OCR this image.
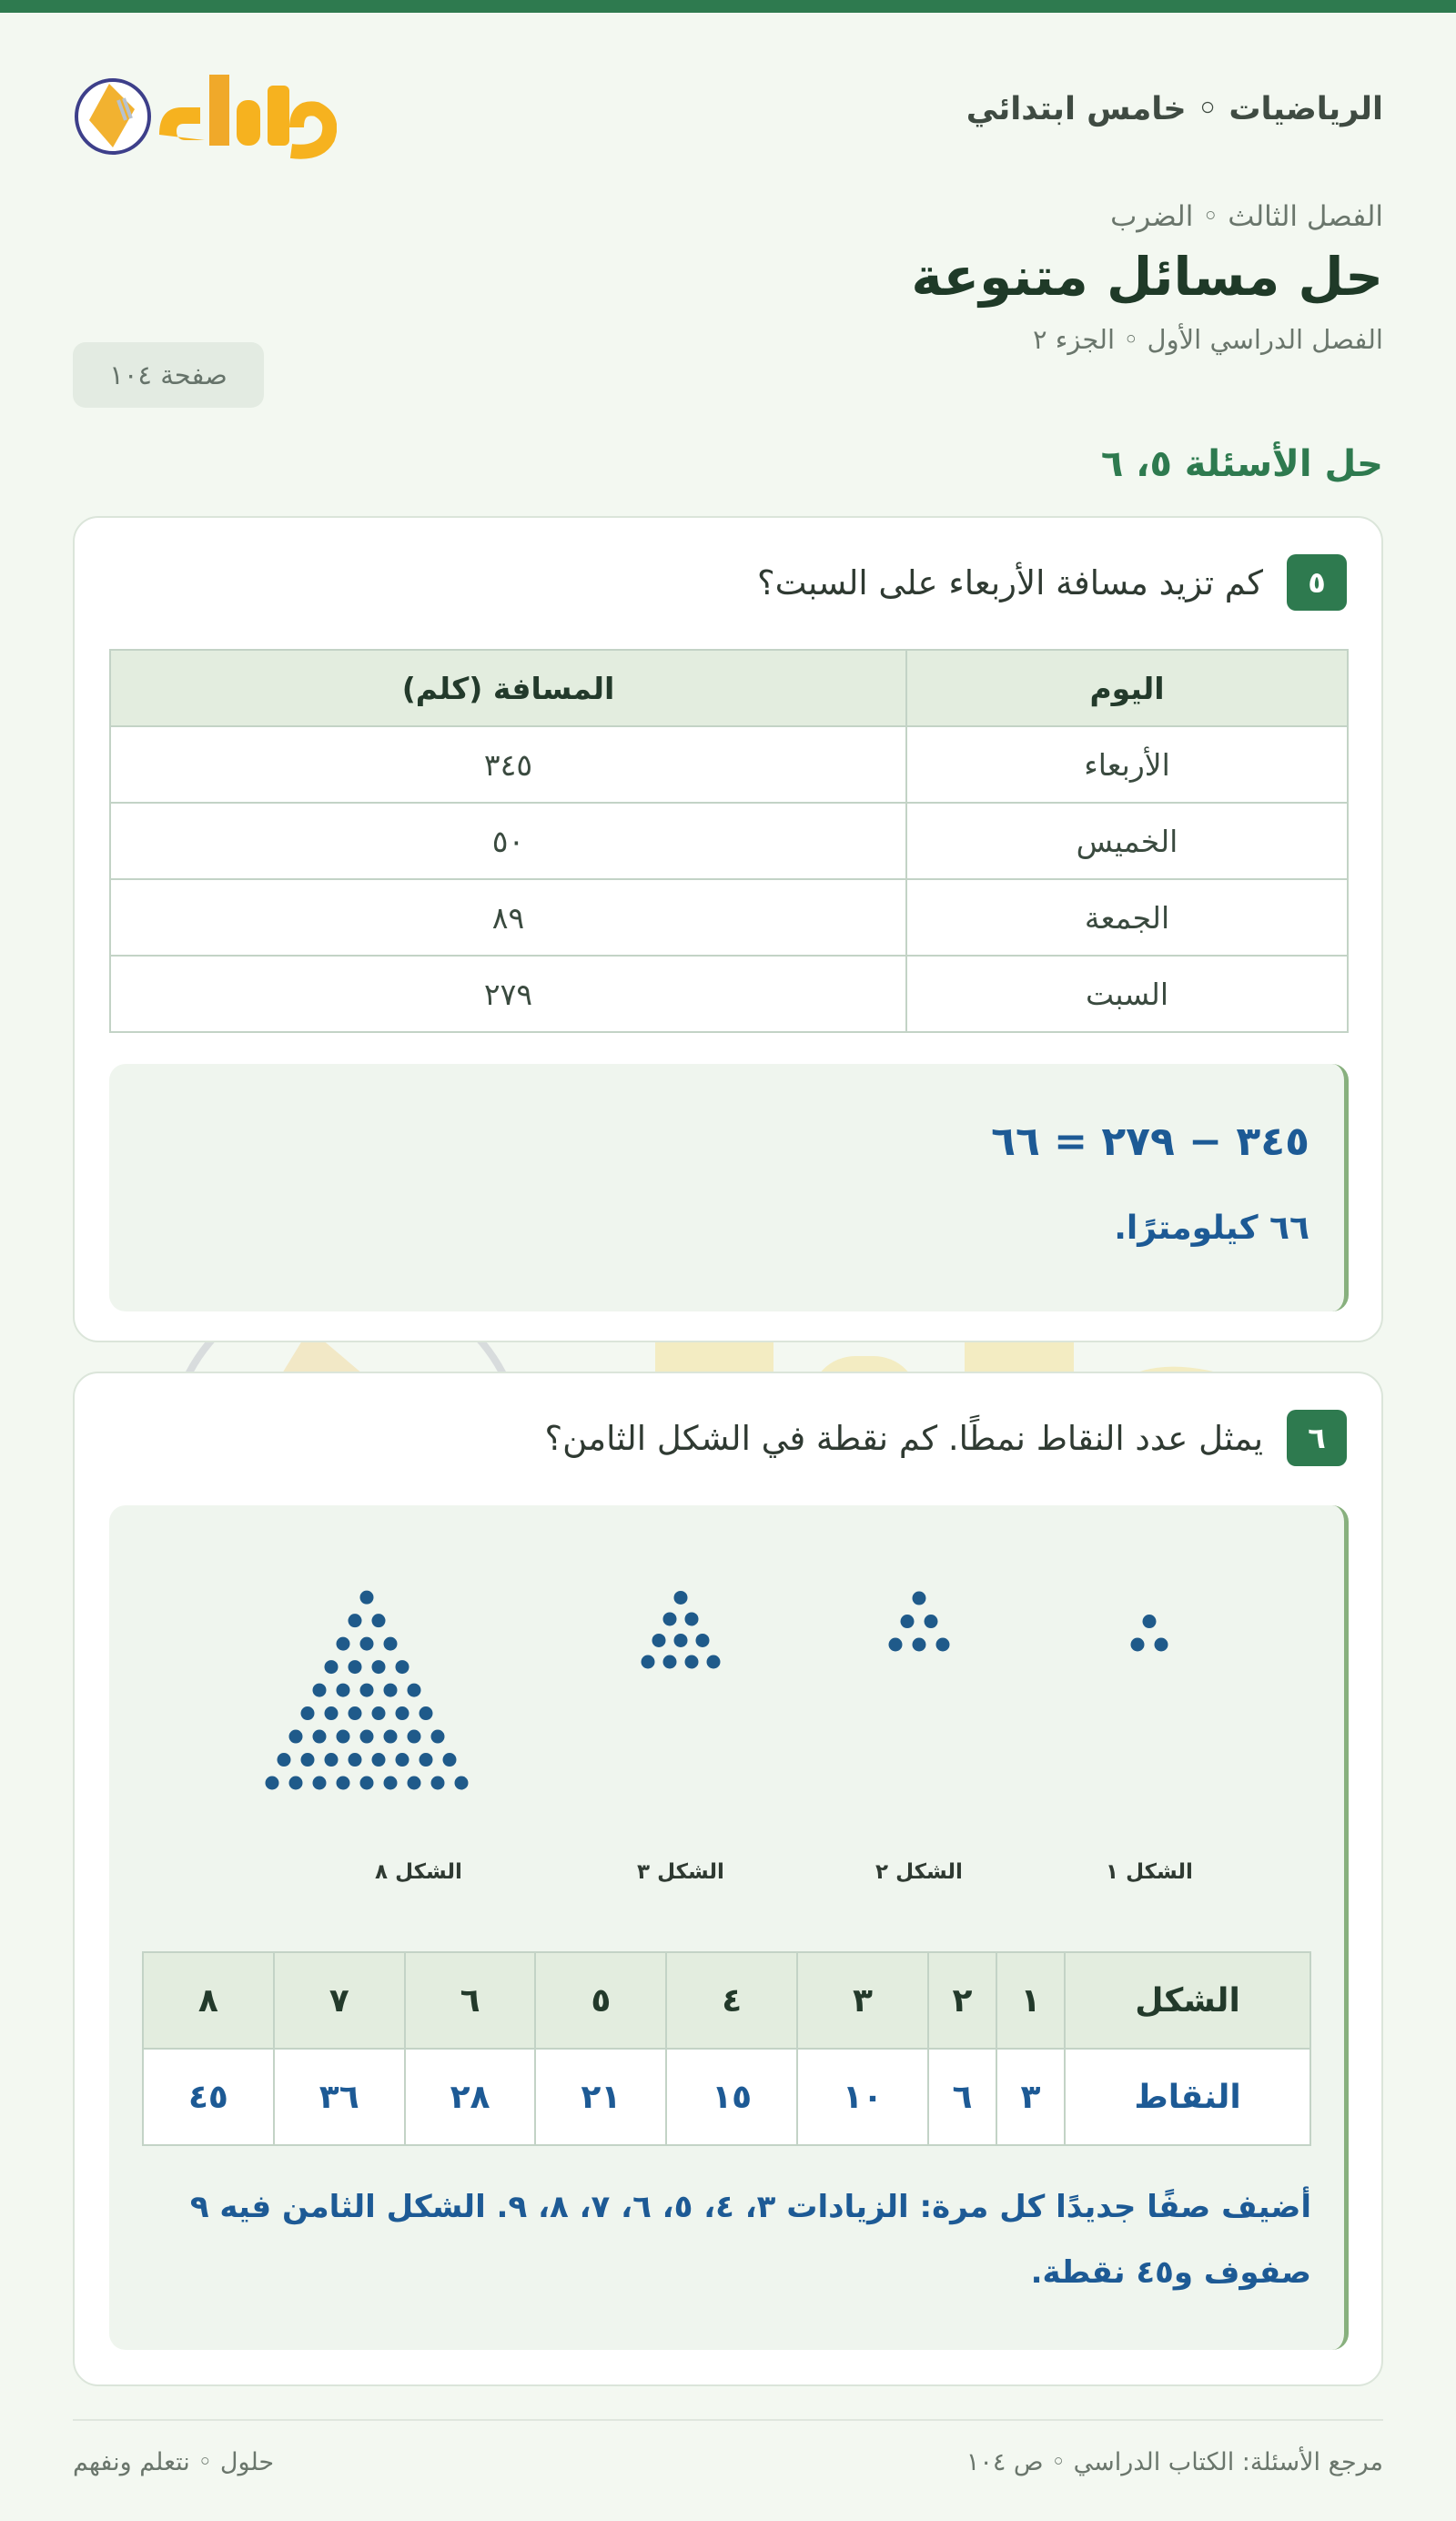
الرياضيات ◦ خامس ابتدائي
الفصل الثالث ◦ الضرب
حل مسائل متنوعة
الفصل الدراسي الأول ◦ الجزء ٢
صفحة ١٠٤
حل الأسئلة ٥، ٦
٥
كم تزيد مسافة الأربعاء على السبت؟
اليوم	المسافة (كلم)
الأربعاء	٣٤٥
الخميس	٥٠
الجمعة	٨٩
السبت	٢٧٩
٣٤٥ − ٢٧٩ = ٦٦
٦٦ كيلومترًا.
٦
يمثل عدد النقاط نمطًا. كم نقطة في الشكل الثامن؟
الشكل ١
الشكل ٢
الشكل ٣
الشكل ٨
الشكل	١	٢	٣	٤	٥	٦	٧	٨
النقاط	٣	٦	١٠	١٥	٢١	٢٨	٣٦	٤٥
أضيف صفًا جديدًا كل مرة: الزيادات ٣، ٤، ٥، ٦، ٧، ٨، ٩. الشكل الثامن فيه ٩ صفوف و٤٥ نقطة.
مرجع الأسئلة: الكتاب الدراسي ◦ ص ١٠٤
حلول ◦ نتعلم ونفهم
